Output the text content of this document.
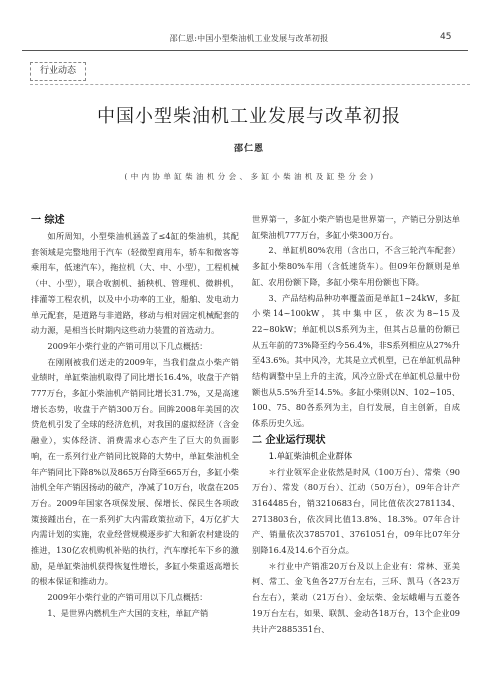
邵仁恩:中国小型柴油机工业发展与改革初报	45
行业动态
中国小型柴油机工业发展与改革初报
邵仁恩
( 中 内 协 单 缸 柴 油 机 分 会 、 多 缸 小 柴 油 机 及 缸 垫 分 会 )

一 综述

如所周知，小型柴油机涵盖了≤4缸的柴油机，其配套领域是完整地用于汽车（轻微型商用车，轿车和微客等乘用车，低速汽车），拖拉机（大、中、小型），工程机械（中、小型），联合收割机、插秧机、管理机、微耕机，排灌等工程农机，以及中小功率的工业，船舶、发电动力单元配套，是道路与非道路，移动与相对固定机械配套的动力源，是相当长时期内这些动力装置的首选动力。

2009年小柴行业的产销可用以下几点概括：

在刚刚被我们送走的2009年，当我们盘点小柴产销业绩时，单缸柴油机取得了同比增长16.4%，收盘于产销777万台，多缸小柴油机产销同比增长31.7%，又是高速增长态势，收盘于产销300万台。回眸2008年美国的次贷危机引发了全球的经济危机，对我国的虚拟经济（含金融业），实体经济、消费需求心态产生了巨大的负面影响，在一系列行业产销同比锐降的大势中，单缸柴油机全年产销同比下降8%以及865万台降至665万台，多缸小柴油机全年产销因扬动的破产，净减了10万台，收盘在205万台。2009年国家各项保发展、保增长、保民生各项政策接踵出台，在一系列扩大内需政策拉动下，4万亿扩大内需计划的实施，农业经营规模逐步扩大和新农村建设的推进，130亿农机购机补贴的执行，汽车摩托车下乡的激励，是单缸柴油机获得恢复性增长，多缸小柴重返高增长的根本保证和推动力。

2009年小柴行业的产销可用以下几点概括：

1、是世界内燃机生产大国的支柱，单缸产销

世界第一，多缸小柴产销也是世界第一，产销已分别达单缸柴油机777万台，多缸小柴300万台。

2、单缸机80%农用（含出口，不含三轮汽车配套）多缸小柴80%车用（含低速货车）。但09年份额则是单缸、农用份额下降，多缸小柴车用份额也下降。

3、产品结构品种功率覆盖面是单缸1~24kW，多缸小柴14~100kW，其中集中区，依次为8~15及22~80kW；单缸机以S系列为主，但其占总量的份额已从五年前的73%降至约今56.4%，非S系列相应从27%升至43.6%。其中风冷，尤其是立式机型，已在单缸机品种结构调整中呈上升的主流，风冷立卧式在单缸机总量中份额也从5.5%升至14.5%。多缸小柴则以N、102~105、100、75、80各系列为主，自行发展，自主创新，自成体系历史久远。

二 企业运行现状

1.单缸柴油机企业群体

＊行业领军企业依然是时风（100万台）、常柴（90万台）、常发（80万台）、江动（50万台），09年合计产3164485台，销3210683台，同比值依次2781134、2713803台，依次同比值13.8%、18.3%。07年合计产、销量依次3785701、3761051台，09年比07年分别降16.4及14.6个百分点。

＊行业中产销准20万台及以上企业有：常林、亚美柯、常工、金飞鱼各27万台左右，三环、凯马（各23万台左右），莱动（21万台）、金坛柴、金坛峨嵋与五菱各19万台左右，如果、联凯、金动各18万台，13个企业09共计产2885351台、
